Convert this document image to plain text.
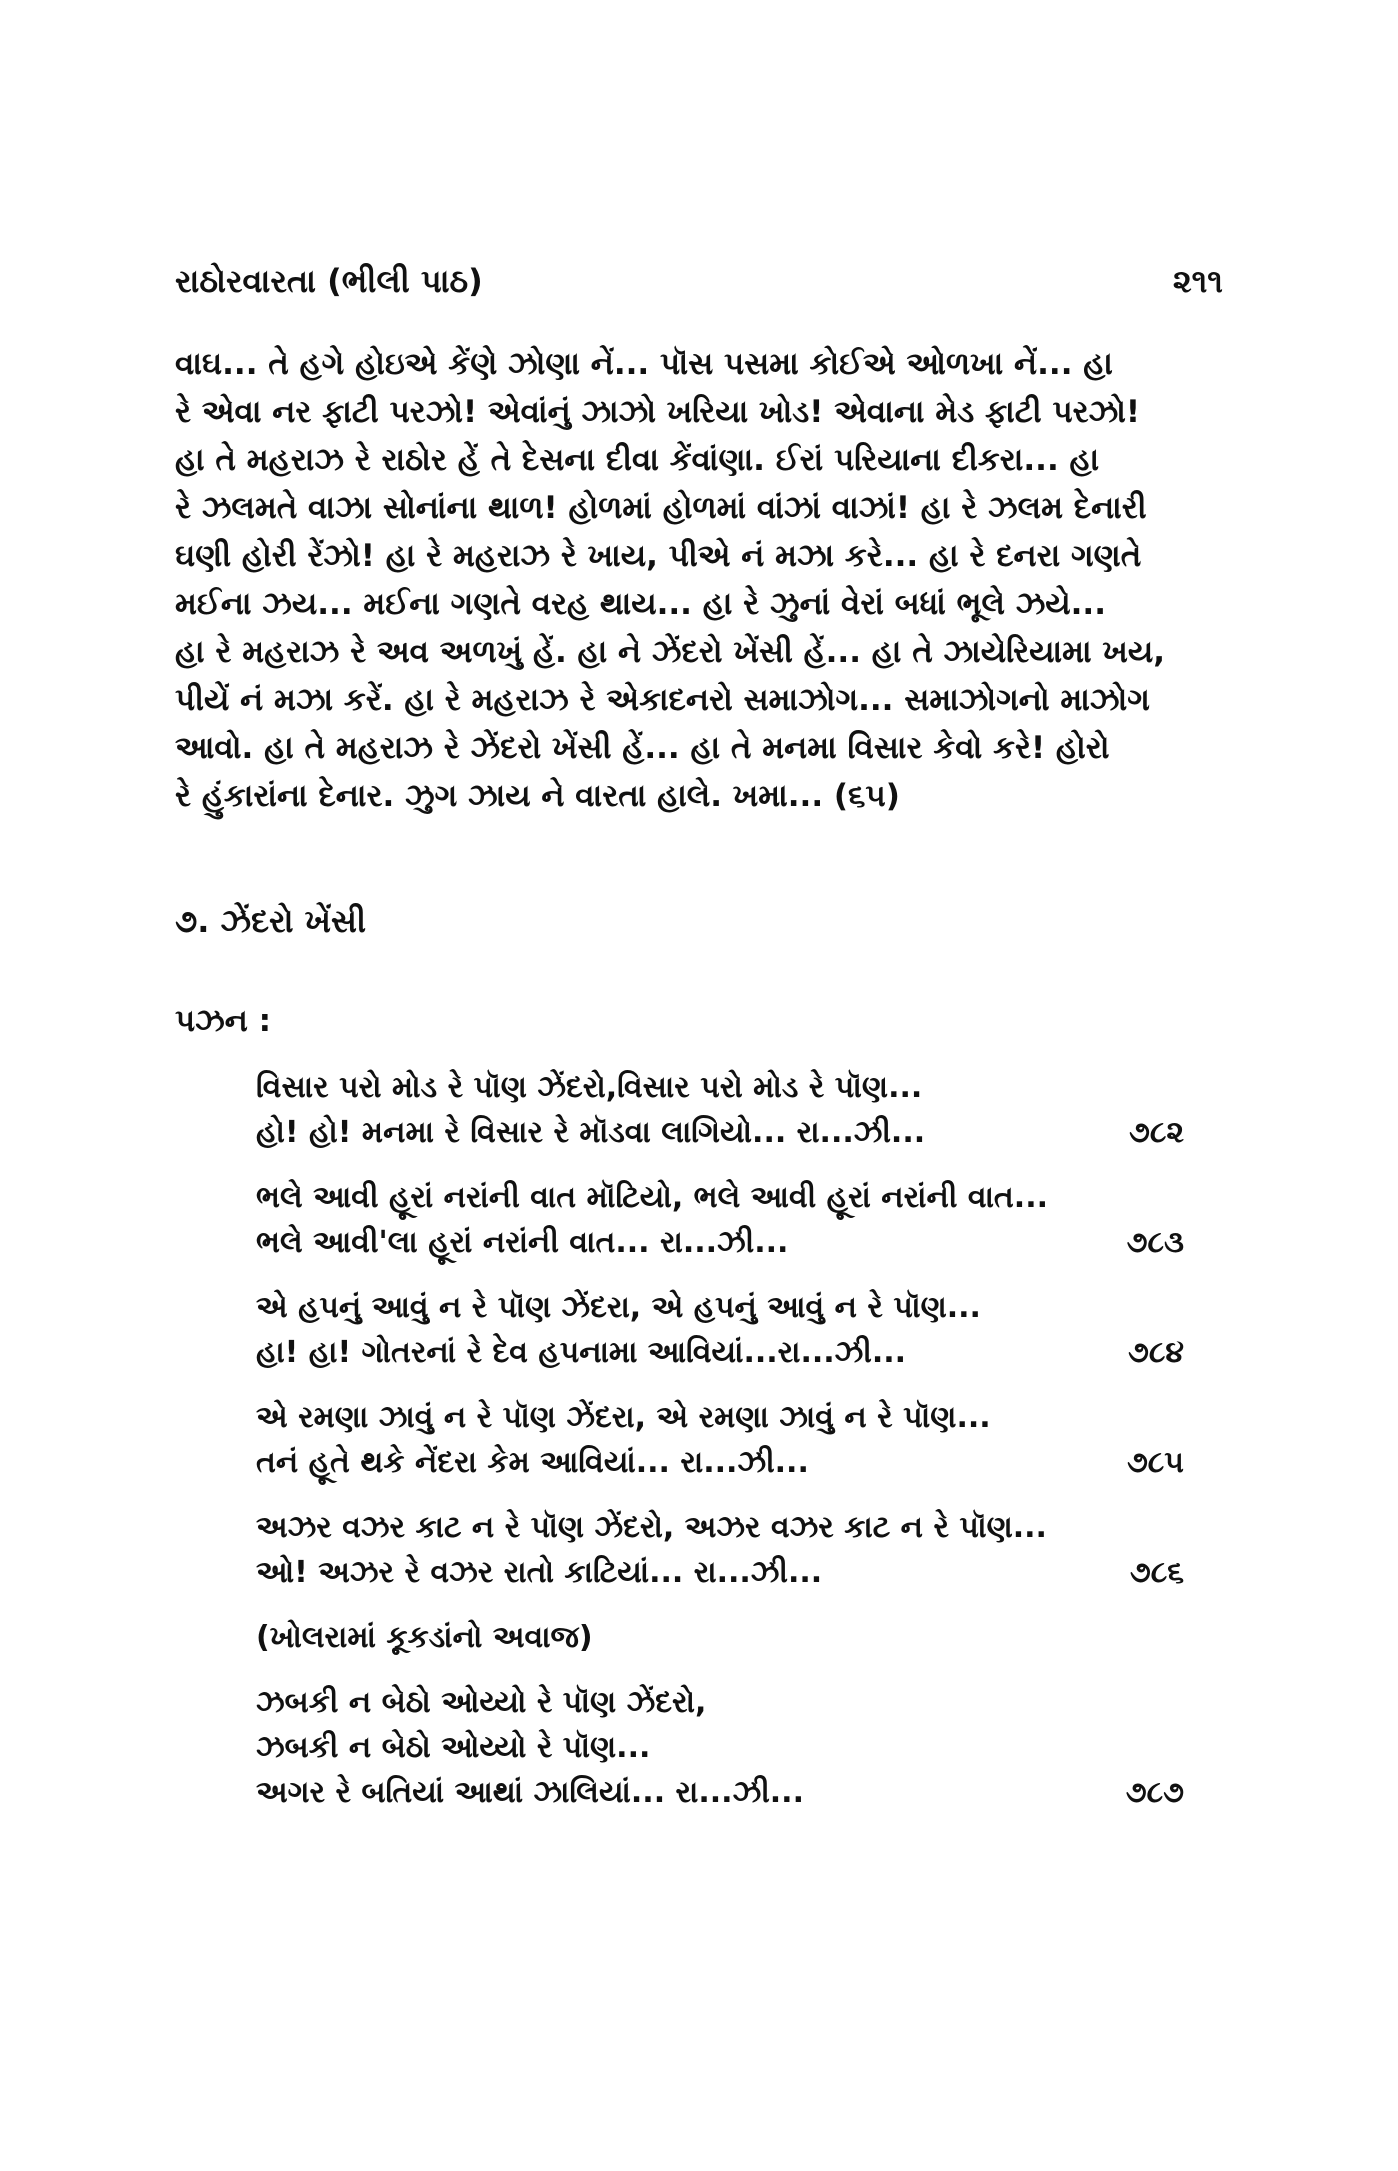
રાઠોરવારતા (ભીલી પાઠ)	૨૧૧
વાઘ... તે હગે હોઇએ કેંણે ઝોણા નેં... પૉસ પસમા કોઈએ ઓળખા નેં... હા
રે એવા નર ફાટી પરઝો! એવાંનું ઝાઝો ખરિયા ખોડ! એવાના મેડ ફાટી પરઝો!
હા તે મહરાઝ રે રાઠોર હેં તે દેસના દીવા કેંવાંણા. ઈરાં પરિયાના દીકરા... હા
રે ઝલમતે વાઝા સોનાંના થાળ! હોળમાં હોળમાં વાંઝાં વાઝાં! હા રે ઝલમ દેનારી
ઘણી હોરી રેંઝો! હા રે મહરાઝ રે ખાય, પીએ નં મઝા કરે... હા રે દનરા ગણતે
મઈના ઝય... મઈના ગણતે વરહ થાય... હા રે ઝુનાં વેરાં બધાં ભૂલે ઝયે...
હા રે મહરાઝ રે અવ અળખું હેં. હા ને ઝેંદરો ખેંસી હેં... હા તે ઝાયેરિયામા ખય,
પીયેં નં મઝા કરેં. હા રે મહરાઝ રે એકાદનરો સમાઝોગ... સમાઝોગનો માઝોગ
આવો. હા તે મહરાઝ રે ઝેંદરો ખેંસી હેં... હા તે મનમા વિસાર કેવો કરે! હોરો
રે હુંકારાંના દેનાર. ઝુગ ઝાય ને વારતા હાલે. ખમા... (૬૫)
૭. ઝેંદરો ખેંસી
પઝન :
વિસાર પરો મોડ રે પૉણ ઝેંદરો,વિસાર પરો મોડ રે પૉણ...
હો! હો! મનમા રે વિસાર રે મૉડવા લાગિયો... રા...ઝી...	૭૮૨
ભલે આવી હૂરાં નરાંની વાત મૉટિયો, ભલે આવી હૂરાં નરાંની વાત...
ભલે આવી'લા હૂરાં નરાંની વાત... રા...ઝી...	૭૮૩
એ હપનું આવું ન રે પૉણ ઝેંદરા, એ હપનું આવું ન રે પૉણ...
હા! હા! ગોતરનાં રે દેવ હપનામા આવિયાં...રા...ઝી...	૭૮૪
એ રમણા ઝાવું ન રે પૉણ ઝેંદરા, એ રમણા ઝાવું ન રે પૉણ...
તનં હૂતે થકે નેંદરા કેમ આવિયાં... રા...ઝી...	૭૮૫
અઝર વઝર કાટ ન રે પૉણ ઝેંદરો, અઝર વઝર કાટ ન રે પૉણ...
ઓ! અઝર રે વઝર રાતો કાટિયાં... રા...ઝી...	૭૮૬
(ખોલરામાં કૂકડાંનો અવાજ)
ઝબકી ન બેઠો ઓય્યો રે પૉણ ઝેંદરો,
ઝબકી ન બેઠો ઓય્યો રે પૉણ...
અગર રે બતિયાં આથાં ઝાલિયાં... રા...ઝી...	૭૮૭
